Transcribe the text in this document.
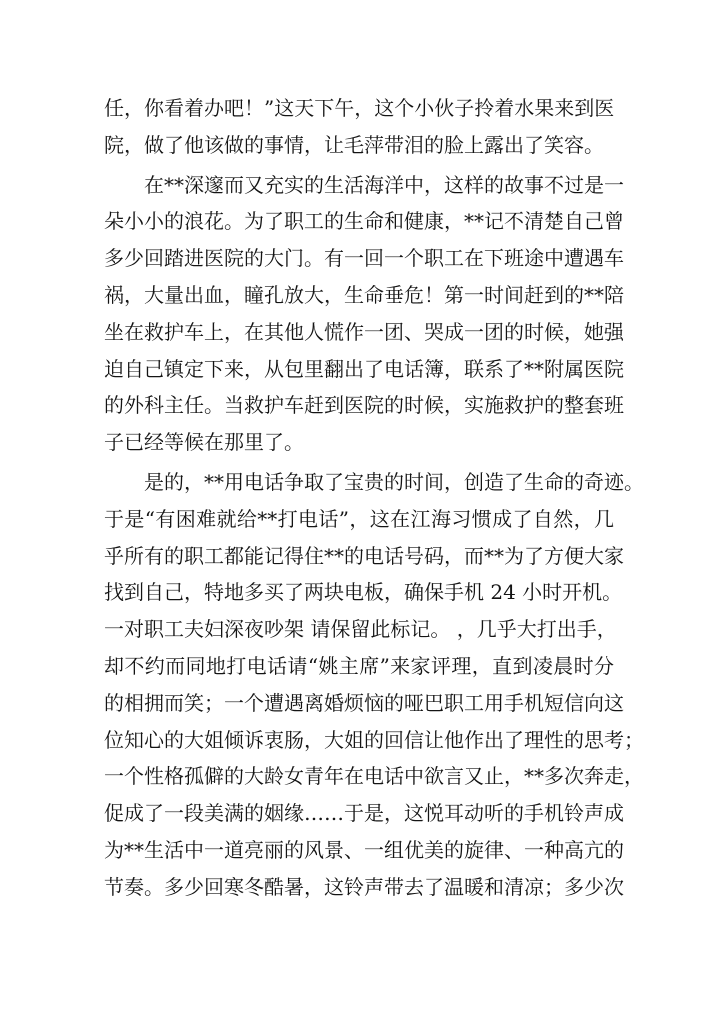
任，你看着办吧！”这天下午，这个小伙子拎着水果来到医
院，做了他该做的事情，让毛萍带泪的脸上露出了笑容。
在**深邃而又充实的生活海洋中，这样的故事不过是一
朵小小的浪花。为了职工的生命和健康，**记不清楚自己曾
多少回踏进医院的大门。有一回一个职工在下班途中遭遇车
祸，大量出血，瞳孔放大，生命垂危！第一时间赶到的**陪
坐在救护车上，在其他人慌作一团、哭成一团的时候，她强
迫自己镇定下来，从包里翻出了电话簿，联系了**附属医院
的外科主任。当救护车赶到医院的时候，实施救护的整套班
子已经等候在那里了。
是的，**用电话争取了宝贵的时间，创造了生命的奇迹。
于是“有困难就给**打电话”，这在江海习惯成了自然，几
乎所有的职工都能记得住**的电话号码，而**为了方便大家
找到自己，特地多买了两块电板，确保手机 24 小时开机。
一对职工夫妇深夜吵架 请保留此标记。 ，几乎大打出手，
却不约而同地打电话请“姚主席”来家评理，直到凌晨时分
的相拥而笑；一个遭遇离婚烦恼的哑巴职工用手机短信向这
位知心的大姐倾诉衷肠，大姐的回信让他作出了理性的思考；
一个性格孤僻的大龄女青年在电话中欲言又止，**多次奔走，
促成了一段美满的姻缘……于是，这悦耳动听的手机铃声成
为**生活中一道亮丽的风景、一组优美的旋律、一种高亢的
节奏。多少回寒冬酷暑，这铃声带去了温暖和清凉；多少次
